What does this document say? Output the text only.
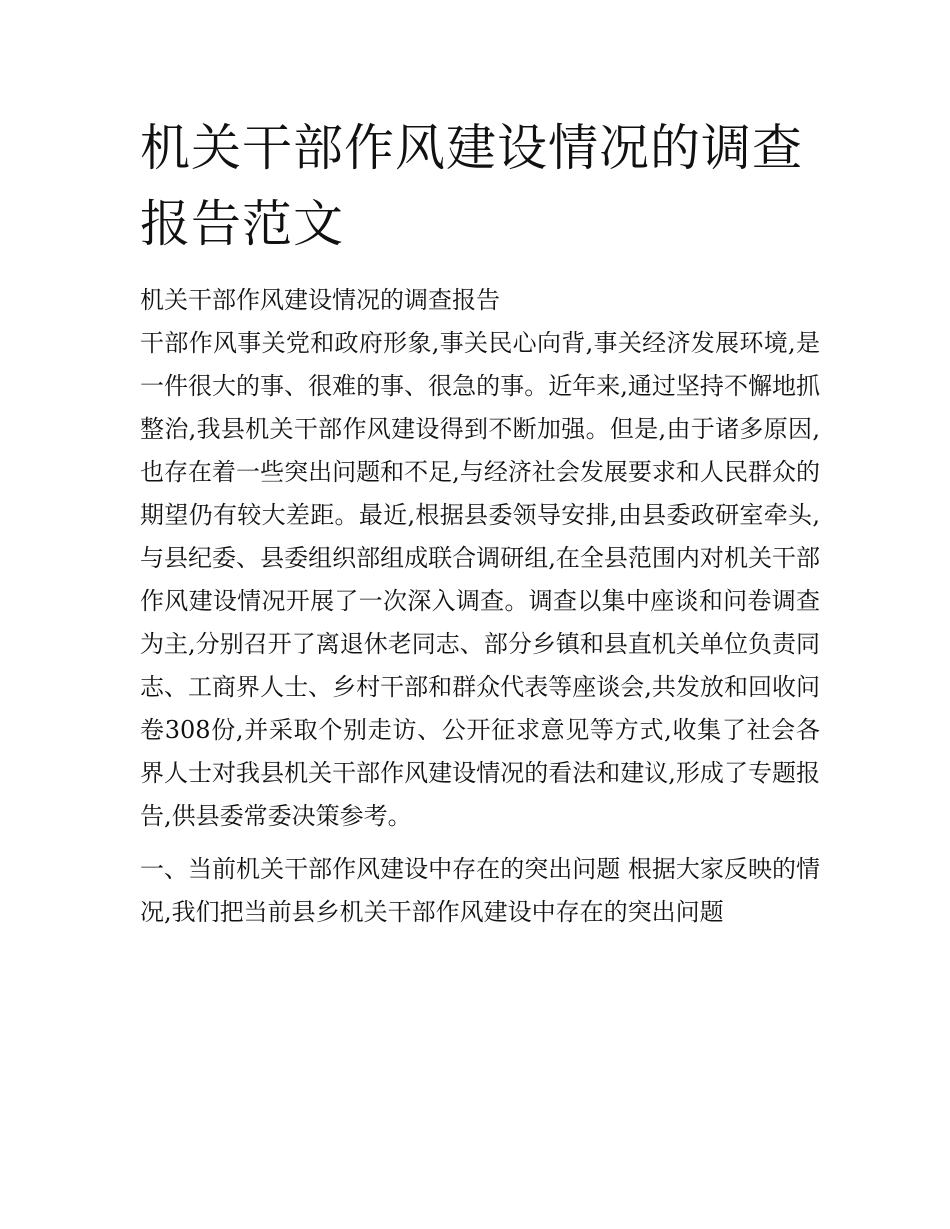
机关干部作风建设情况的调查报告范文

机关干部作风建设情况的调查报告

干部作风事关党和政府形象,事关民心向背,事关经济发展环境,是一件很大的事、很难的事、很急的事。近年来,通过坚持不懈地抓整治,我县机关干部作风建设得到不断加强。但是,由于诸多原因,也存在着一些突出问题和不足,与经济社会发展要求和人民群众的期望仍有较大差距。最近,根据县委领导安排,由县委政研室牵头,与县纪委、县委组织部组成联合调研组,在全县范围内对机关干部作风建设情况开展了一次深入调查。调查以集中座谈和问卷调查为主,分别召开了离退休老同志、部分乡镇和县直机关单位负责同志、工商界人士、乡村干部和群众代表等座谈会,共发放和回收问卷308份,并采取个别走访、公开征求意见等方式,收集了社会各界人士对我县机关干部作风建设情况的看法和建议,形成了专题报告,供县委常委决策参考。

一、当前机关干部作风建设中存在的突出问题 根据大家反映的情况,我们把当前县乡机关干部作风建设中存在的突出问题
